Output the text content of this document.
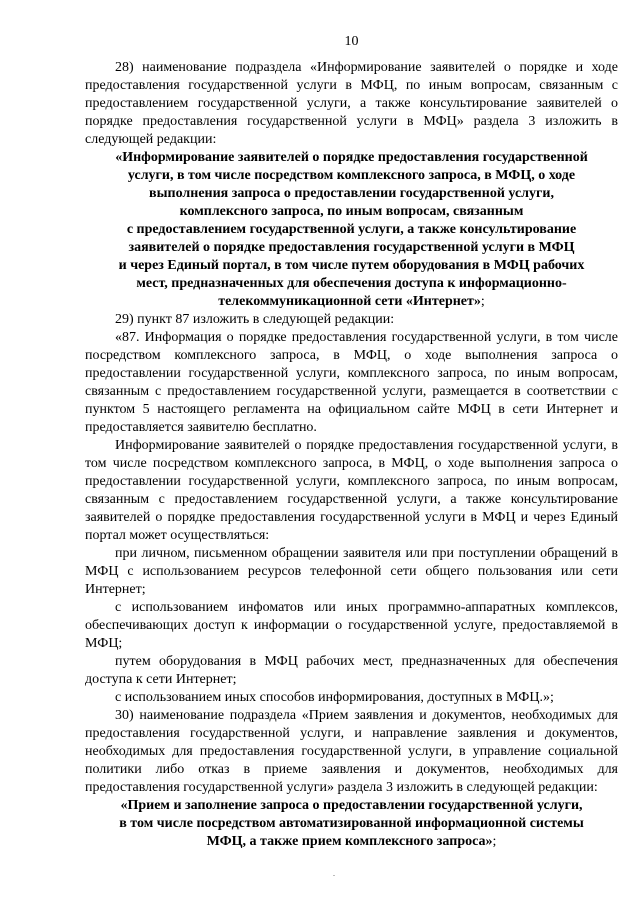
10

28) наименование подраздела «Информирование заявителей о порядке и ходе предоставления государственной услуги в МФЦ, по иным вопросам, связанным с предоставлением государственной услуги, а также консультирование заявителей о порядке предоставления государственной услуги в МФЦ» раздела 3 изложить в следующей редакции:

«Информирование заявителей о порядке предоставления государственной

услуги, в том числе посредством комплексного запроса, в МФЦ, о ходе

выполнения запроса о предоставлении государственной услуги,

комплексного запроса, по иным вопросам, связанным

с предоставлением государственной услуги, а также консультирование

заявителей о порядке предоставления государственной услуги в МФЦ

и через Единый портал, в том числе путем оборудования в МФЦ рабочих

мест, предназначенных для обеспечения доступа к информационно-

телекоммуникационной сети «Интернет»;

29) пункт 87 изложить в следующей редакции:

«87. Информация о порядке предоставления государственной услуги, в том числе посредством комплексного запроса, в МФЦ, о ходе выполнения запроса о предоставлении государственной услуги, комплексного запроса, по иным вопросам, связанным с предоставлением государственной услуги, размещается в соответствии с пунктом 5 настоящего регламента на официальном сайте МФЦ в сети Интернет и предоставляется заявителю бесплатно.

Информирование заявителей о порядке предоставления государственной услуги, в том числе посредством комплексного запроса, в МФЦ, о ходе выполнения запроса о предоставлении государственной услуги, комплексного запроса, по иным вопросам, связанным с предоставлением государственной услуги, а также консультирование заявителей о порядке предоставления государственной услуги в МФЦ и через Единый портал может осуществляться:

при личном, письменном обращении заявителя или при поступлении обращений в МФЦ с использованием ресурсов телефонной сети общего пользования или сети Интернет;

с использованием инфоматов или иных программно-аппаратных комплексов, обеспечивающих доступ к информации о государственной услуге, предоставляемой в МФЦ;

путем оборудования в МФЦ рабочих мест, предназначенных для обеспечения доступа к сети Интернет;

с использованием иных способов информирования, доступных в МФЦ.»;

30) наименование подраздела «Прием заявления и документов, необходимых для предоставления государственной услуги, и направление заявления и документов, необходимых для предоставления государственной услуги, в управление социальной политики либо отказ в приеме заявления и документов, необходимых для предоставления государственной услуги» раздела 3 изложить в следующей редакции:

«Прием и заполнение запроса о предоставлении государственной услуги,

в том числе посредством автоматизированной информационной системы

МФЦ, а также прием комплексного запроса»;
